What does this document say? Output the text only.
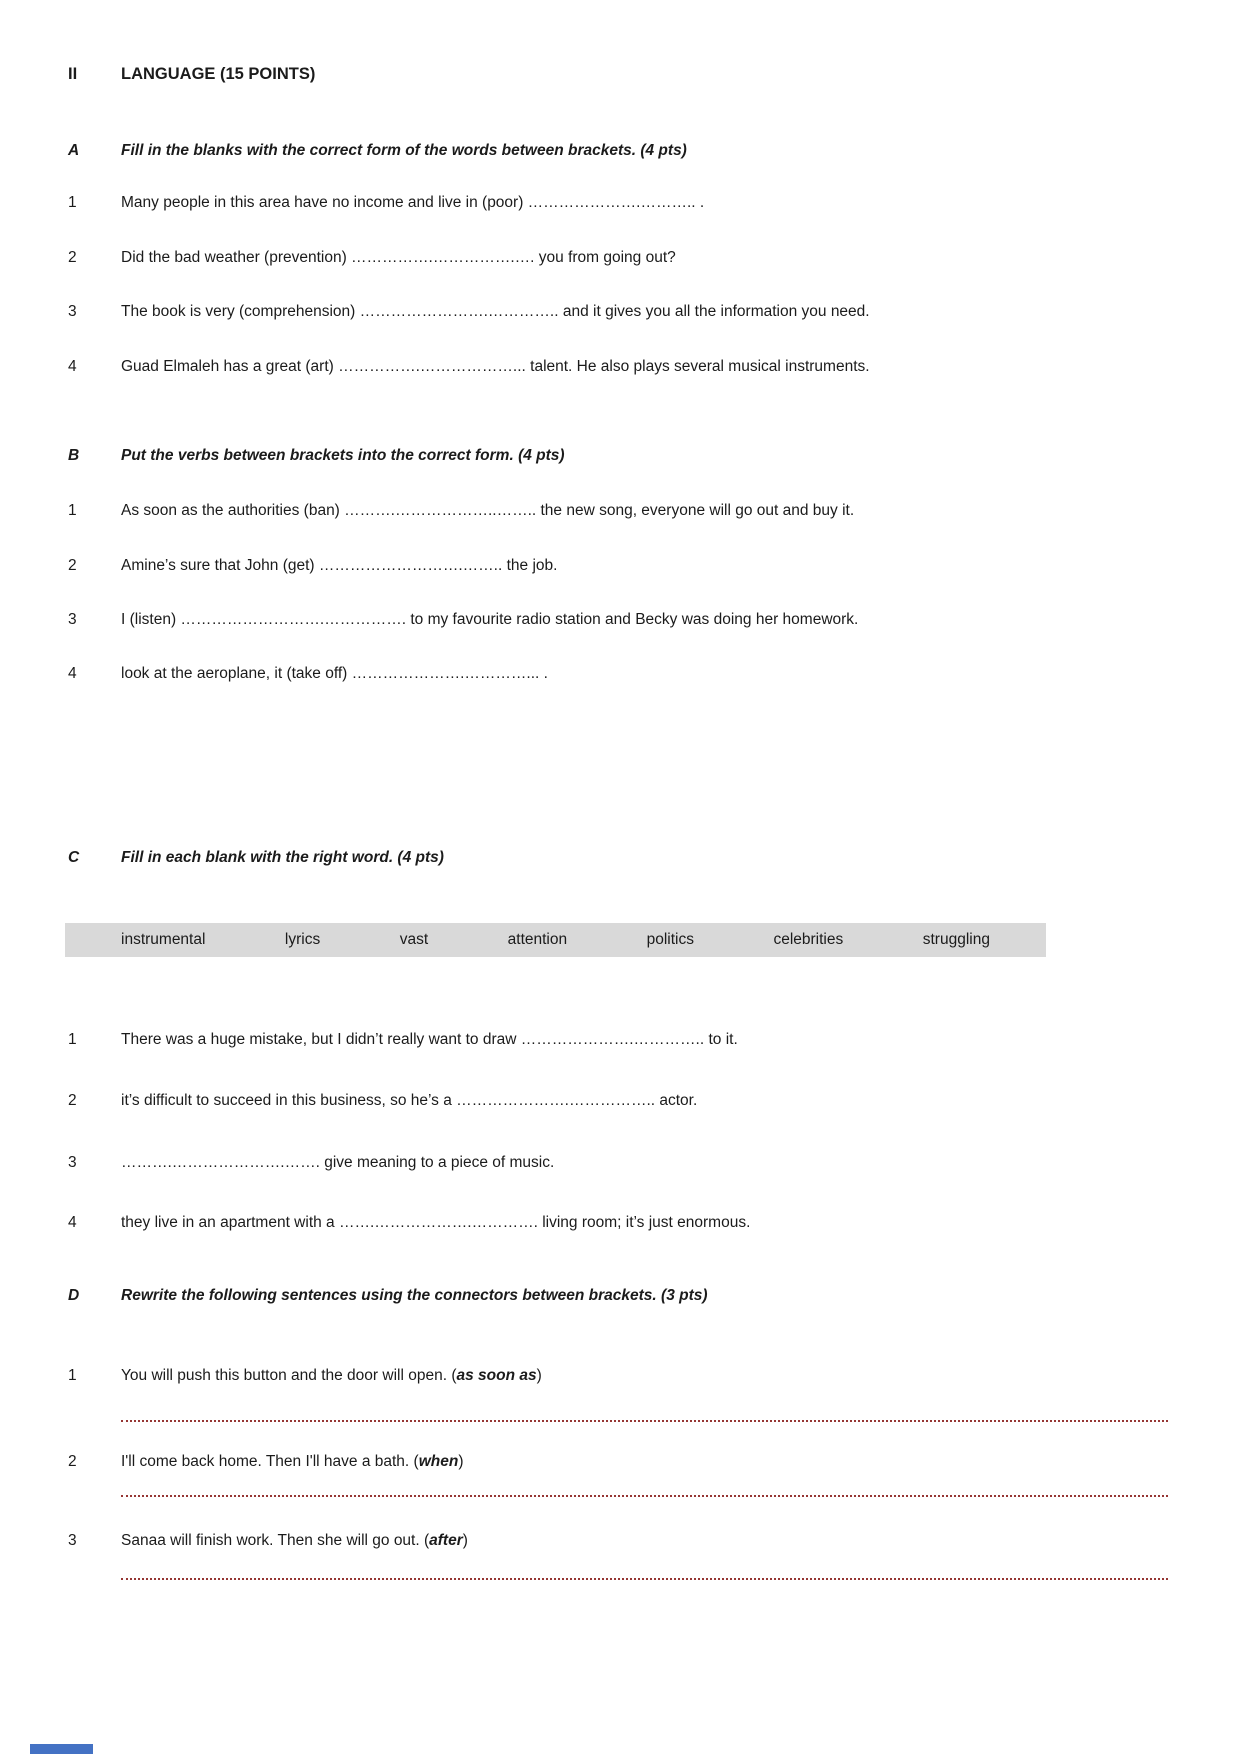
II	LANGUAGE (15 POINTS)
A	Fill in the blanks with the correct form of the words between brackets. (4 pts)
1	Many people in this area have no income and live in (poor) ………………….……….. .
2	Did the bad weather (prevention) …………….…………….…. you from going out?
3	The book is very (comprehension) …………………….………….. and it gives you all the information you need.
4	Guad Elmaleh has a great (art) …………….………………... talent. He also plays several musical instruments.
B	Put the verbs between brackets into the correct form. (4 pts)
1	As soon as the authorities (ban) ……….………………..…….. the new song, everyone will go out and buy it.
2	Amine’s sure that John (get) ……………………….…….. the job.
3	I (listen) ……………………….……………. to my favourite radio station and Becky was doing her homework.
4	look at the aeroplane, it (take off) ………………….…………... .
C	Fill in each blank with the right word. (4 pts)
instrumental	lyrics	vast	attention	politics	celebrities	struggling
1	There was a huge mistake, but I didn’t really want to draw ………………….………….. to it.
2	it’s difficult to succeed in this business, so he’s a ………………….…………….. actor.
3	……….………………….……. give meaning to a piece of music.
4	they live in an apartment with a …….……………….…………. living room; it’s just enormous.
D	Rewrite the following sentences using the connectors between brackets. (3 pts)
1	You will push this button and the door will open. (as soon as)
2	I'll come back home. Then I'll have a bath. (when)
3	Sanaa will finish work. Then she will go out. (after)
